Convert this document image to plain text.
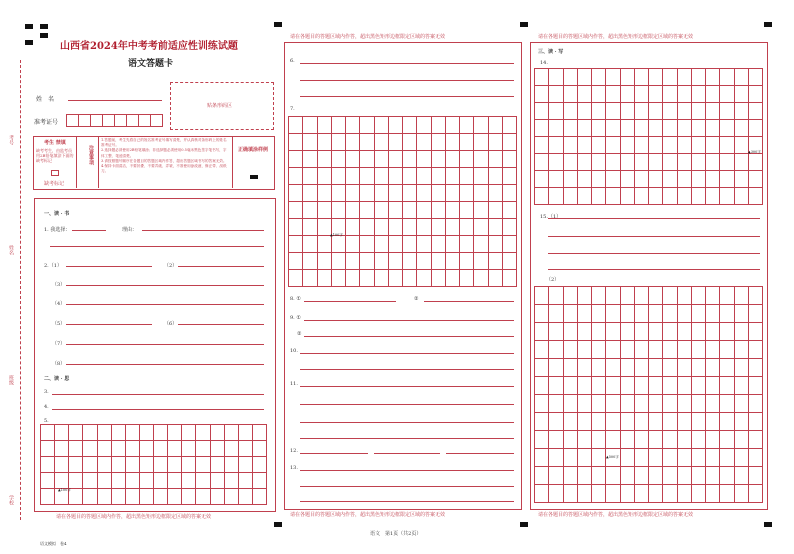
考号
姓名
班级
学校
山西省2024年中考考前适应性训练试题
语文答题卡
姓　名
准考证号
贴条形码区
考生 禁填
缺考考生，由监考员用2B铅笔填涂下面的缺考标记
缺考标记
注意事项
1.答题前，考生先将自己的姓名准考证号填写清楚，并认真核对条形码上的姓名准考证号。
2.选择题必须使用2B铅笔填涂；非选择题必须使用0.5毫米黑色签字笔书写，字体工整、笔迹清楚。
3.请按照题号顺序在各题目的答题区域内作答，超出答题区域书写的答案无效。
4.保持卡面清洁，不要折叠、不要弄破、弄皱，不准使用涂改液、修正带、刮纸刀。
正确填涂样例
一、读 · 书
1. 我选择：	理由：
2.（1）	（2）
（3）
（4）
（5）	（6）
（7）
（8）
二、读 · 思
3.
4.
5.
▲100字
请在各题目的答题区域内作答，超出黑色矩形边框限定区域的答案无效
6.
7.
▲100字
8. ①	②
9. ①
②
10.
11.
12.
13.
请在各题目的答题区域内作答，超出黑色矩形边框限定区域的答案无效
请在各题目的答题区域内作答，超出黑色矩形边框限定区域的答案无效
三、读 · 写
14.
▲300字
15.（1）
（2）
▲500字
请在各题目的答题区域内作答，超出黑色矩形边框限定区域的答案无效
请在各题目的答题区域内作答，超出黑色矩形边框限定区域的答案无效
语文　第1页（共2页）
语文模拟　卷4
